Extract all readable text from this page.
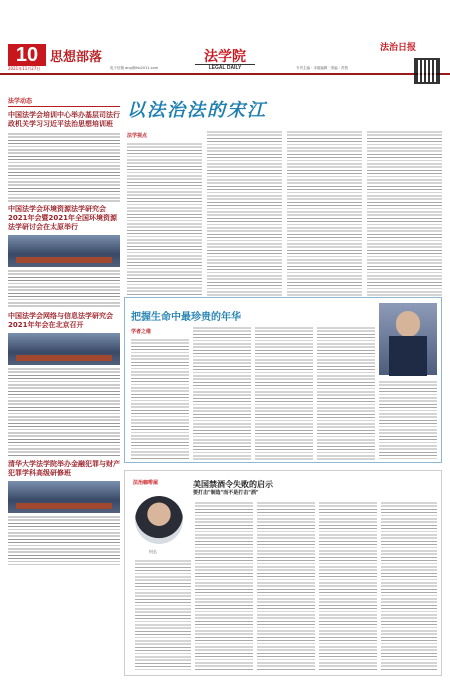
10
2021年11月27日
思想部落
电子信箱 ang@lhb2011.com
法学院
LEGAL DAILY	专刊主编 · 本版编辑 · 美编 · 责校
法治日报
法学动态
中国法学会培训中心举办基层司法行政机关学习习近平法治思想培训班
中国法学会环境资源法学研究会2021年会暨2021年全国环境资源法学研讨会在太原举行
中国法学会网络与信息法学研究会2021年年会在北京召开
清华大学法学院举办金融犯罪与财产犯罪学科高级研修班
以法治法的宋江
法学视点
把握生命中最珍贵的年华
学者之维
法治咖啡屋	美国禁酒令失败的启示
要打击"制造"而不是打击"酒"
何玄
